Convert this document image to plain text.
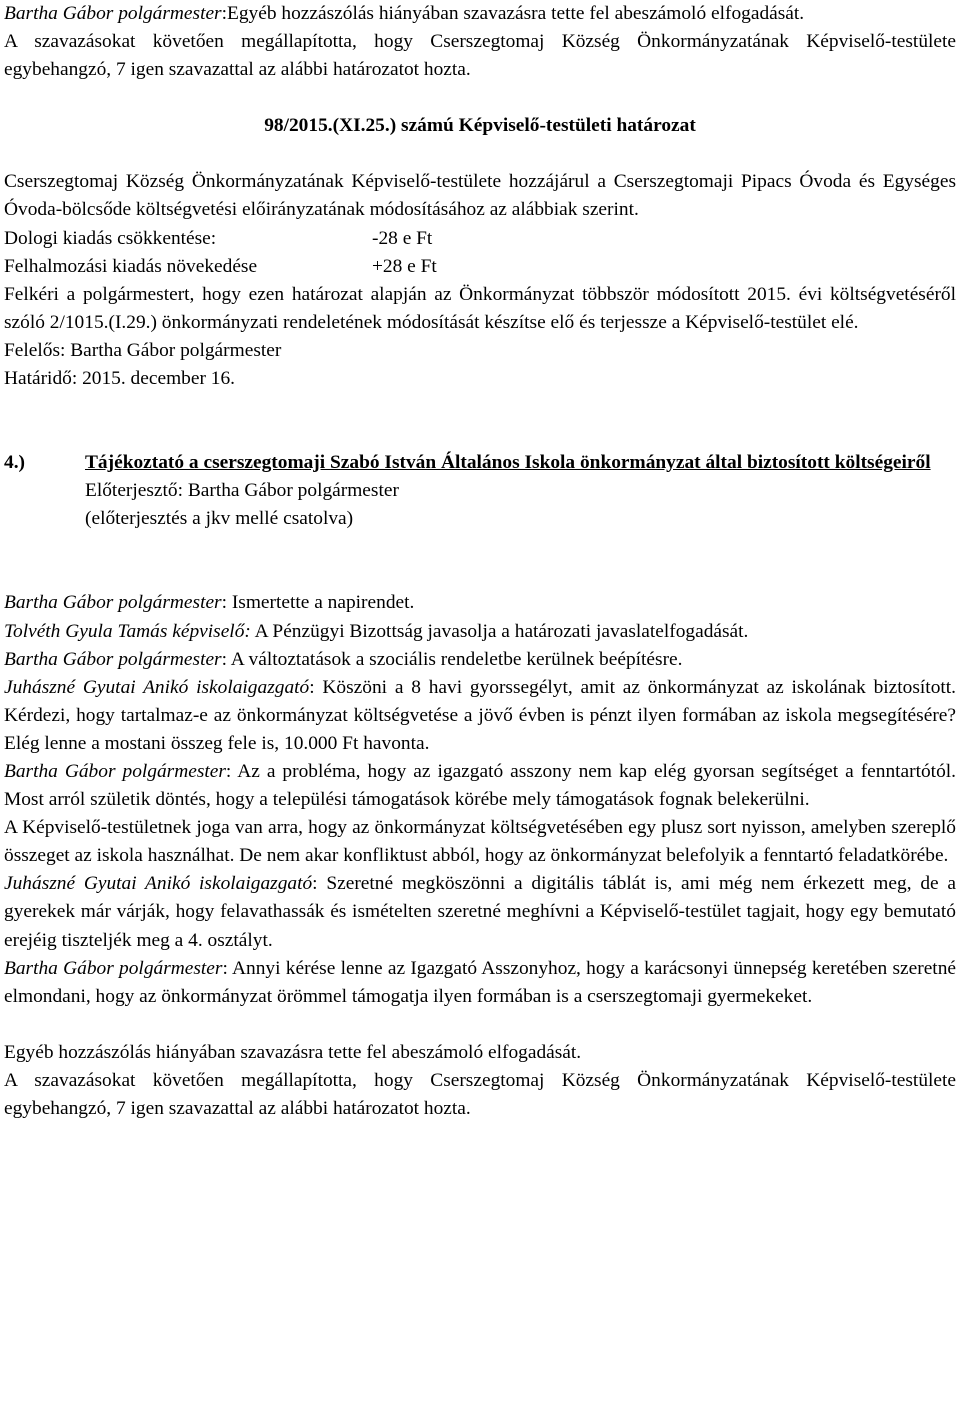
Bartha Gábor polgármester:Egyéb hozzászólás hiányában szavazásra tette fel abeszámoló elfogadását.

A szavazásokat követően megállapította, hogy Cserszegtomaj Község Önkormányzatának Képviselő-testülete egybehangzó, 7 igen szavazattal az alábbi határozatot hozta.

98/2015.(XI.25.) számú Képviselő-testületi határozat

Cserszegtomaj Község Önkormányzatának Képviselő-testülete hozzájárul a Cserszegtomaji Pipacs Óvoda és Egységes Óvoda-bölcsőde költségvetési előirányzatának módosításához az alábbiak szerint.

Dologi kiadás csökkentése:	-28 e Ft
Felhalmozási kiadás növekedése	+28 e Ft

Felkéri a polgármestert, hogy ezen határozat alapján az Önkormányzat többször módosított 2015. évi költségvetéséről szóló 2/1015.(I.29.) önkormányzati rendeletének módosítását készítse elő és terjessze a Képviselő-testület elé.

Felelős: Bartha Gábor polgármester

Határidő: 2015. december 16.

4.)	Tájékoztató a cserszegtomaji Szabó István Általános Iskola önkormányzat által biztosított költségeiről

Előterjesztő: Bartha Gábor polgármester

(előterjesztés a jkv mellé csatolva)

Bartha Gábor polgármester: Ismertette a napirendet.

Tolvéth Gyula Tamás képviselő: A Pénzügyi Bizottság javasolja a határozati javaslatelfogadását.

Bartha Gábor polgármester: A változtatások a szociális rendeletbe kerülnek beépítésre.

Juhászné Gyutai Anikó iskolaigazgató: Köszöni a 8 havi gyorssegélyt, amit az önkormányzat az iskolának biztosított. Kérdezi, hogy tartalmaz-e az önkormányzat költségvetése a jövő évben is pénzt ilyen formában az iskola megsegítésére? Elég lenne a mostani összeg fele is, 10.000 Ft havonta.

Bartha Gábor polgármester: Az a probléma, hogy az igazgató asszony nem kap elég gyorsan segítséget a fenntartótól. Most arról születik döntés, hogy a települési támogatások körébe mely támogatások fognak belekerülni.

A Képviselő-testületnek joga van arra, hogy az önkormányzat költségvetésében egy plusz sort nyisson, amelyben szereplő összeget az iskola használhat. De nem akar konfliktust abból, hogy az önkormányzat belefolyik a fenntartó feladatkörébe.

Juhászné Gyutai Anikó iskolaigazgató: Szeretné megköszönni a digitális táblát is, ami még nem érkezett meg, de a gyerekek már várják, hogy felavathassák és ismételten szeretné meghívni a Képviselő-testület tagjait, hogy egy bemutató erejéig tiszteljék meg a 4. osztályt.

Bartha Gábor polgármester: Annyi kérése lenne az Igazgató Asszonyhoz, hogy a karácsonyi ünnepség keretében szeretné elmondani, hogy az önkormányzat örömmel támogatja ilyen formában is a cserszegtomaji gyermekeket.

Egyéb hozzászólás hiányában szavazásra tette fel abeszámoló elfogadását.

A szavazásokat követően megállapította, hogy Cserszegtomaj Község Önkormányzatának Képviselő-testülete egybehangzó, 7 igen szavazattal az alábbi határozatot hozta.
